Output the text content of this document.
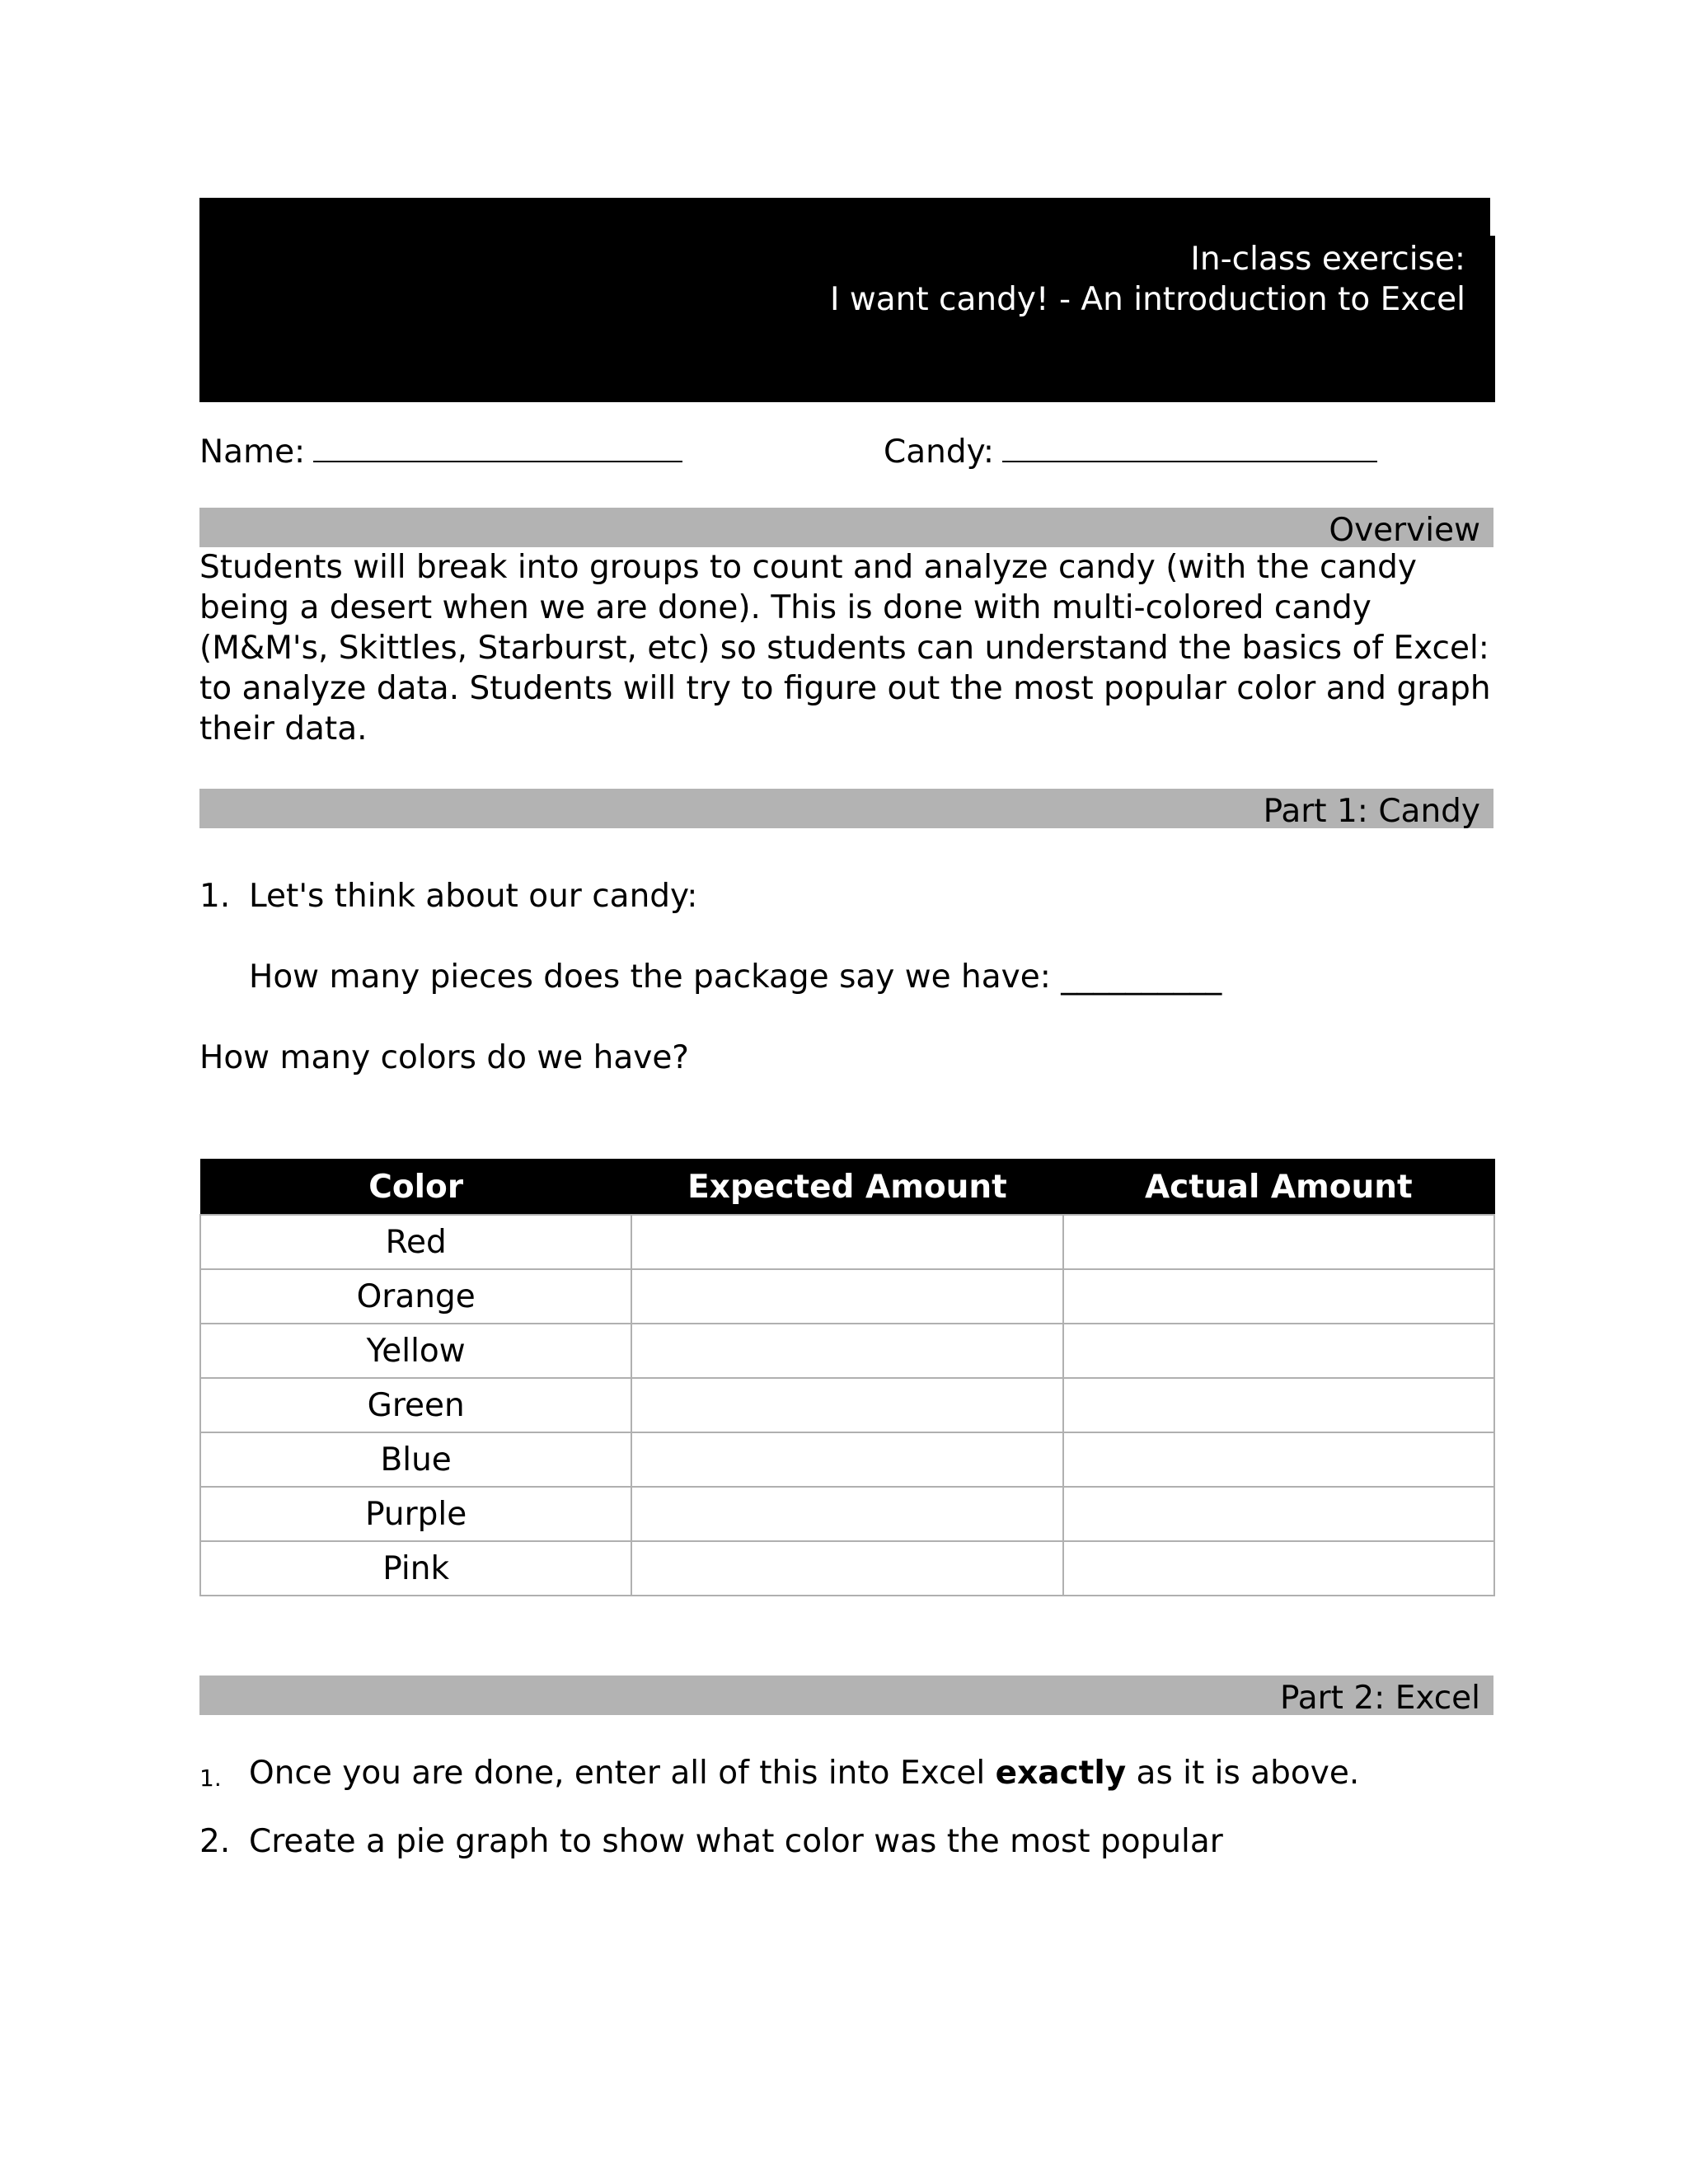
In-class exercise:
I want candy! - An introduction to Excel
Name:	Candy:
Overview

Students will break into groups to count and analyze candy (with the candy being a desert when we are done). This is done with multi-colored candy (M&M's, Skittles, Starburst, etc) so students can understand the basics of Excel: to analyze data. Students will try to figure out the most popular color and graph their data.

Part 1: Candy
1. Let's think about our candy:
How many pieces does the package say we have: __________
How many colors do we have?
Color	Expected Amount	Actual Amount
Red		
Orange		
Yellow		
Green		
Blue		
Purple		
Pink		
Part 2: Excel
1. Once you are done, enter all of this into Excel exactly as it is above.
2. Create a pie graph to show what color was the most popular
